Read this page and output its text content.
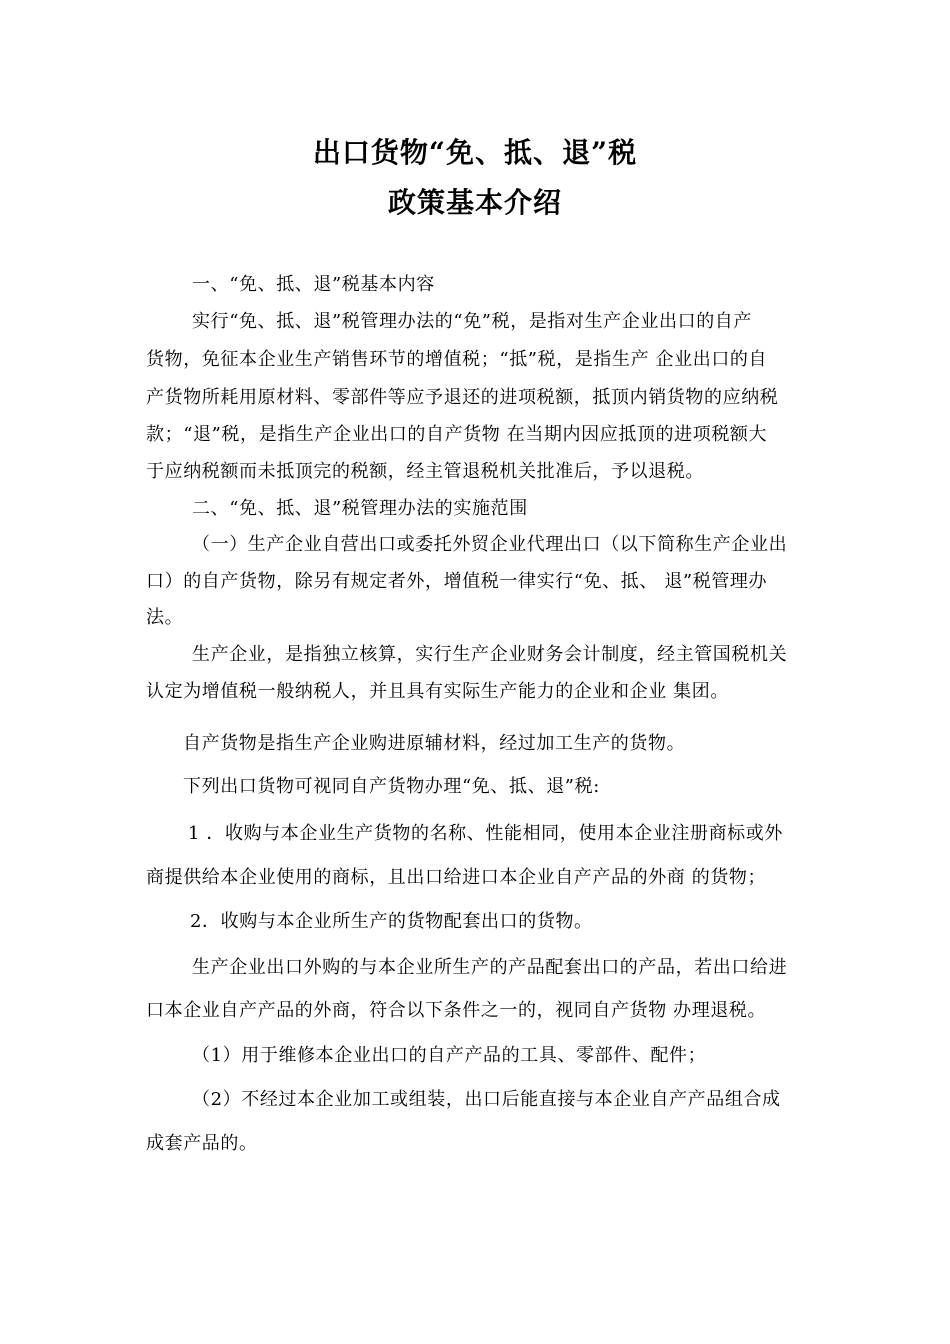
出口货物“免、抵、退”税
政策基本介绍
一、“免、抵、退”税基本内容
实行“免、抵、退”税管理办法的“免”税，是指对生产企业出口的自产
货物，免征本企业生产销售环节的增值税；“抵”税，是指生产 企业出口的自
产货物所耗用原材料、零部件等应予退还的进项税额，抵顶内销货物的应纳税
款；“退”税，是指生产企业出口的自产货物 在当期内因应抵顶的进项税额大
于应纳税额而未抵顶完的税额，经主管退税机关批准后，予以退税。
二、“免、抵、退”税管理办法的实施范围
（一）生产企业自营出口或委托外贸企业代理出口（以下简称生产企业出
口）的自产货物，除另有规定者外，增值税一律实行“免、抵、 退”税管理办
法。
生产企业，是指独立核算，实行生产企业财务会计制度，经主管国税机关
认定为增值税一般纳税人，并且具有实际生产能力的企业和企业 集团。
自产货物是指生产企业购进原辅材料，经过加工生产的货物。
下列出口货物可视同自产货物办理“免、抵、退”税:
1 ．收购与本企业生产货物的名称、性能相同，使用本企业注册商标或外
商提供给本企业使用的商标，且出口给进口本企业自产产品的外商 的货物；
2．收购与本企业所生产的货物配套出口的货物。
生产企业出口外购的与本企业所生产的产品配套出口的产品，若出口给进
口本企业自产产品的外商，符合以下条件之一的，视同自产货物 办理退税。
（1）用于维修本企业出口的自产产品的工具、零部件、配件；
（2）不经过本企业加工或组装，出口后能直接与本企业自产产品组合成
成套产品的。
